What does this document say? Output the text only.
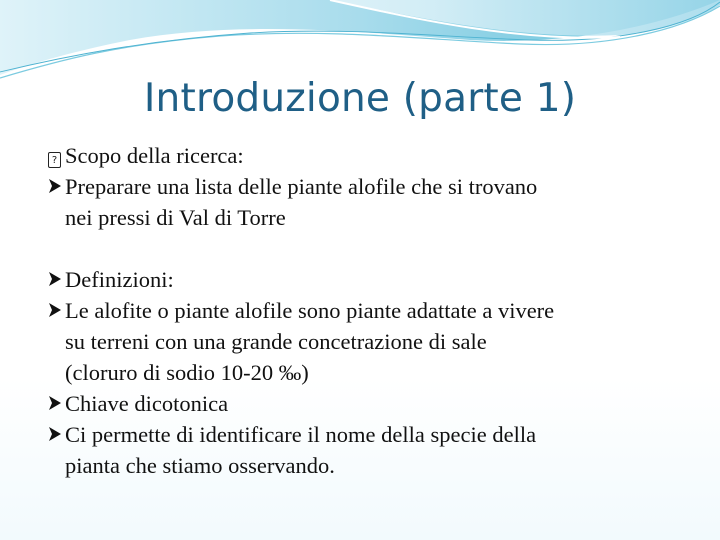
Introduzione (parte 1)
? Scopo della ricerca:
Preparare una lista delle piante alofile che si trovano
nei pressi di Val di Torre
Definizioni:
Le alofite o piante alofile sono piante adattate a vivere
su terreni con una grande concetrazione di sale
(cloruro di sodio 10-20 ‰)
Chiave dicotonica
Ci permette di identificare il nome della specie della
pianta che stiamo osservando.
